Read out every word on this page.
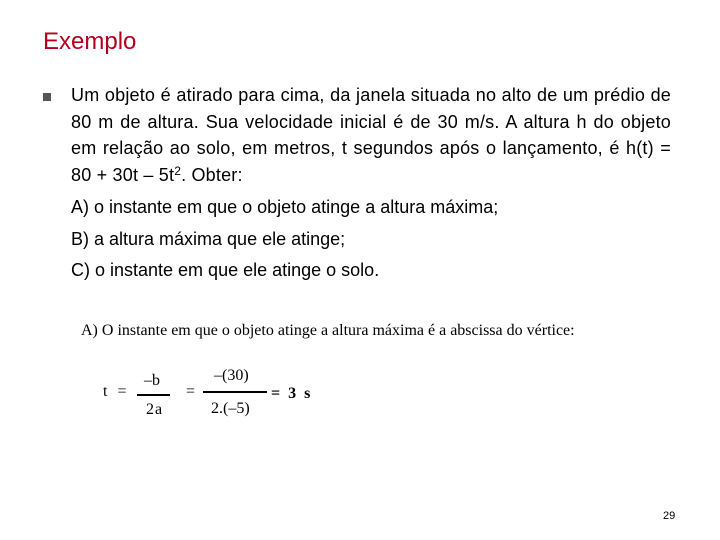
Exemplo
Um objeto é atirado para cima, da janela situada no alto de um prédio de 80 m de altura. Sua velocidade inicial é de 30 m/s. A altura h do objeto em relação ao solo, em metros, t segundos após o lançamento, é $h(t) = 80 + 30t - 5t^2$. Obter:
A) o instante em que o objeto atinge a altura máxima;
B) a altura máxima que ele atinge;
C) o instante em que ele atinge o solo.
A) O instante em que o objeto atinge a altura máxima é a abscissa do vértice:
t =
–b
2a
=
–(30)
2.(–5)
= 3 s
29
